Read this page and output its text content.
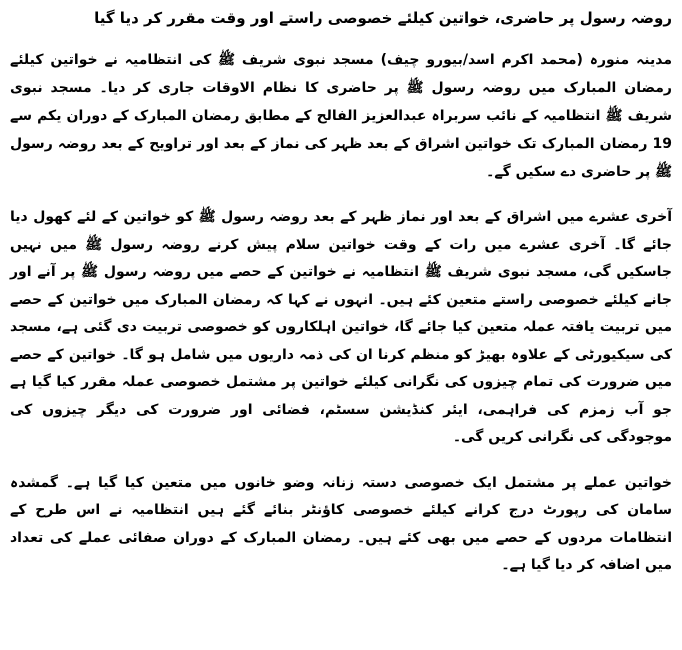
روضہ رسول پر حاضری، خواتین کیلئے خصوصی راستے اور وقت مقرر کر دیا گیا

مدینہ منورہ (محمد اکرم اسد/بیورو چیف) مسجد نبوی شریف ﷺ کی انتظامیہ نے خواتین کیلئے رمضان المبارک میں روضہ رسول ﷺ پر حاضری کا نظام الاوقات جاری کر دیا۔ مسجد نبوی شریف ﷺ انتظامیہ کے نائب سربراہ عبدالعزیز الفالح کے مطابق رمضان المبارک کے دوران یکم سے 19 رمضان المبارک تک خواتین اشراق کے بعد ظہر کی نماز کے بعد اور تراویح کے بعد روضہ رسول ﷺ پر حاضری دے سکیں گے۔

آخری عشرے میں اشراق کے بعد اور نماز ظہر کے بعد روضہ رسول ﷺ کو خواتین کے لئے کھول دیا جائے گا۔ آخری عشرے میں رات کے وقت خواتین سلام پیش کرنے روضہ رسول ﷺ میں نہیں جاسکیں گی، مسجد نبوی شریف ﷺ انتظامیہ نے خواتین کے حصے میں روضہ رسول ﷺ پر آنے اور جانے کیلئے خصوصی راستے متعین کئے ہیں۔ انہوں نے کہا کہ رمضان المبارک میں خواتین کے حصے میں تربیت یافتہ عملہ متعین کیا جائے گا، خواتین اہلکاروں کو خصوصی تربیت دی گئی ہے، مسجد کی سیکیورٹی کے علاوہ بھیڑ کو منظم کرنا ان کی ذمہ داریوں میں شامل ہو گا۔ خواتین کے حصے میں ضرورت کی تمام چیزوں کی نگرانی کیلئے خواتین پر مشتمل خصوصی عملہ مقرر کیا گیا ہے جو آب زمزم کی فراہمی، ایئر کنڈیشن سسٹم، فضائی اور ضرورت کی دیگر چیزوں کی موجودگی کی نگرانی کریں گی۔

خواتین عملے پر مشتمل ایک خصوصی دستہ زنانہ وضو خانوں میں متعین کیا گیا ہے۔ گمشدہ سامان کی رپورٹ درج کرانے کیلئے خصوصی کاؤنٹر بنائے گئے ہیں انتظامیہ نے اس طرح کے انتظامات مردوں کے حصے میں بھی کئے ہیں۔ رمضان المبارک کے دوران صفائی عملے کی تعداد میں اضافہ کر دیا گیا ہے۔
